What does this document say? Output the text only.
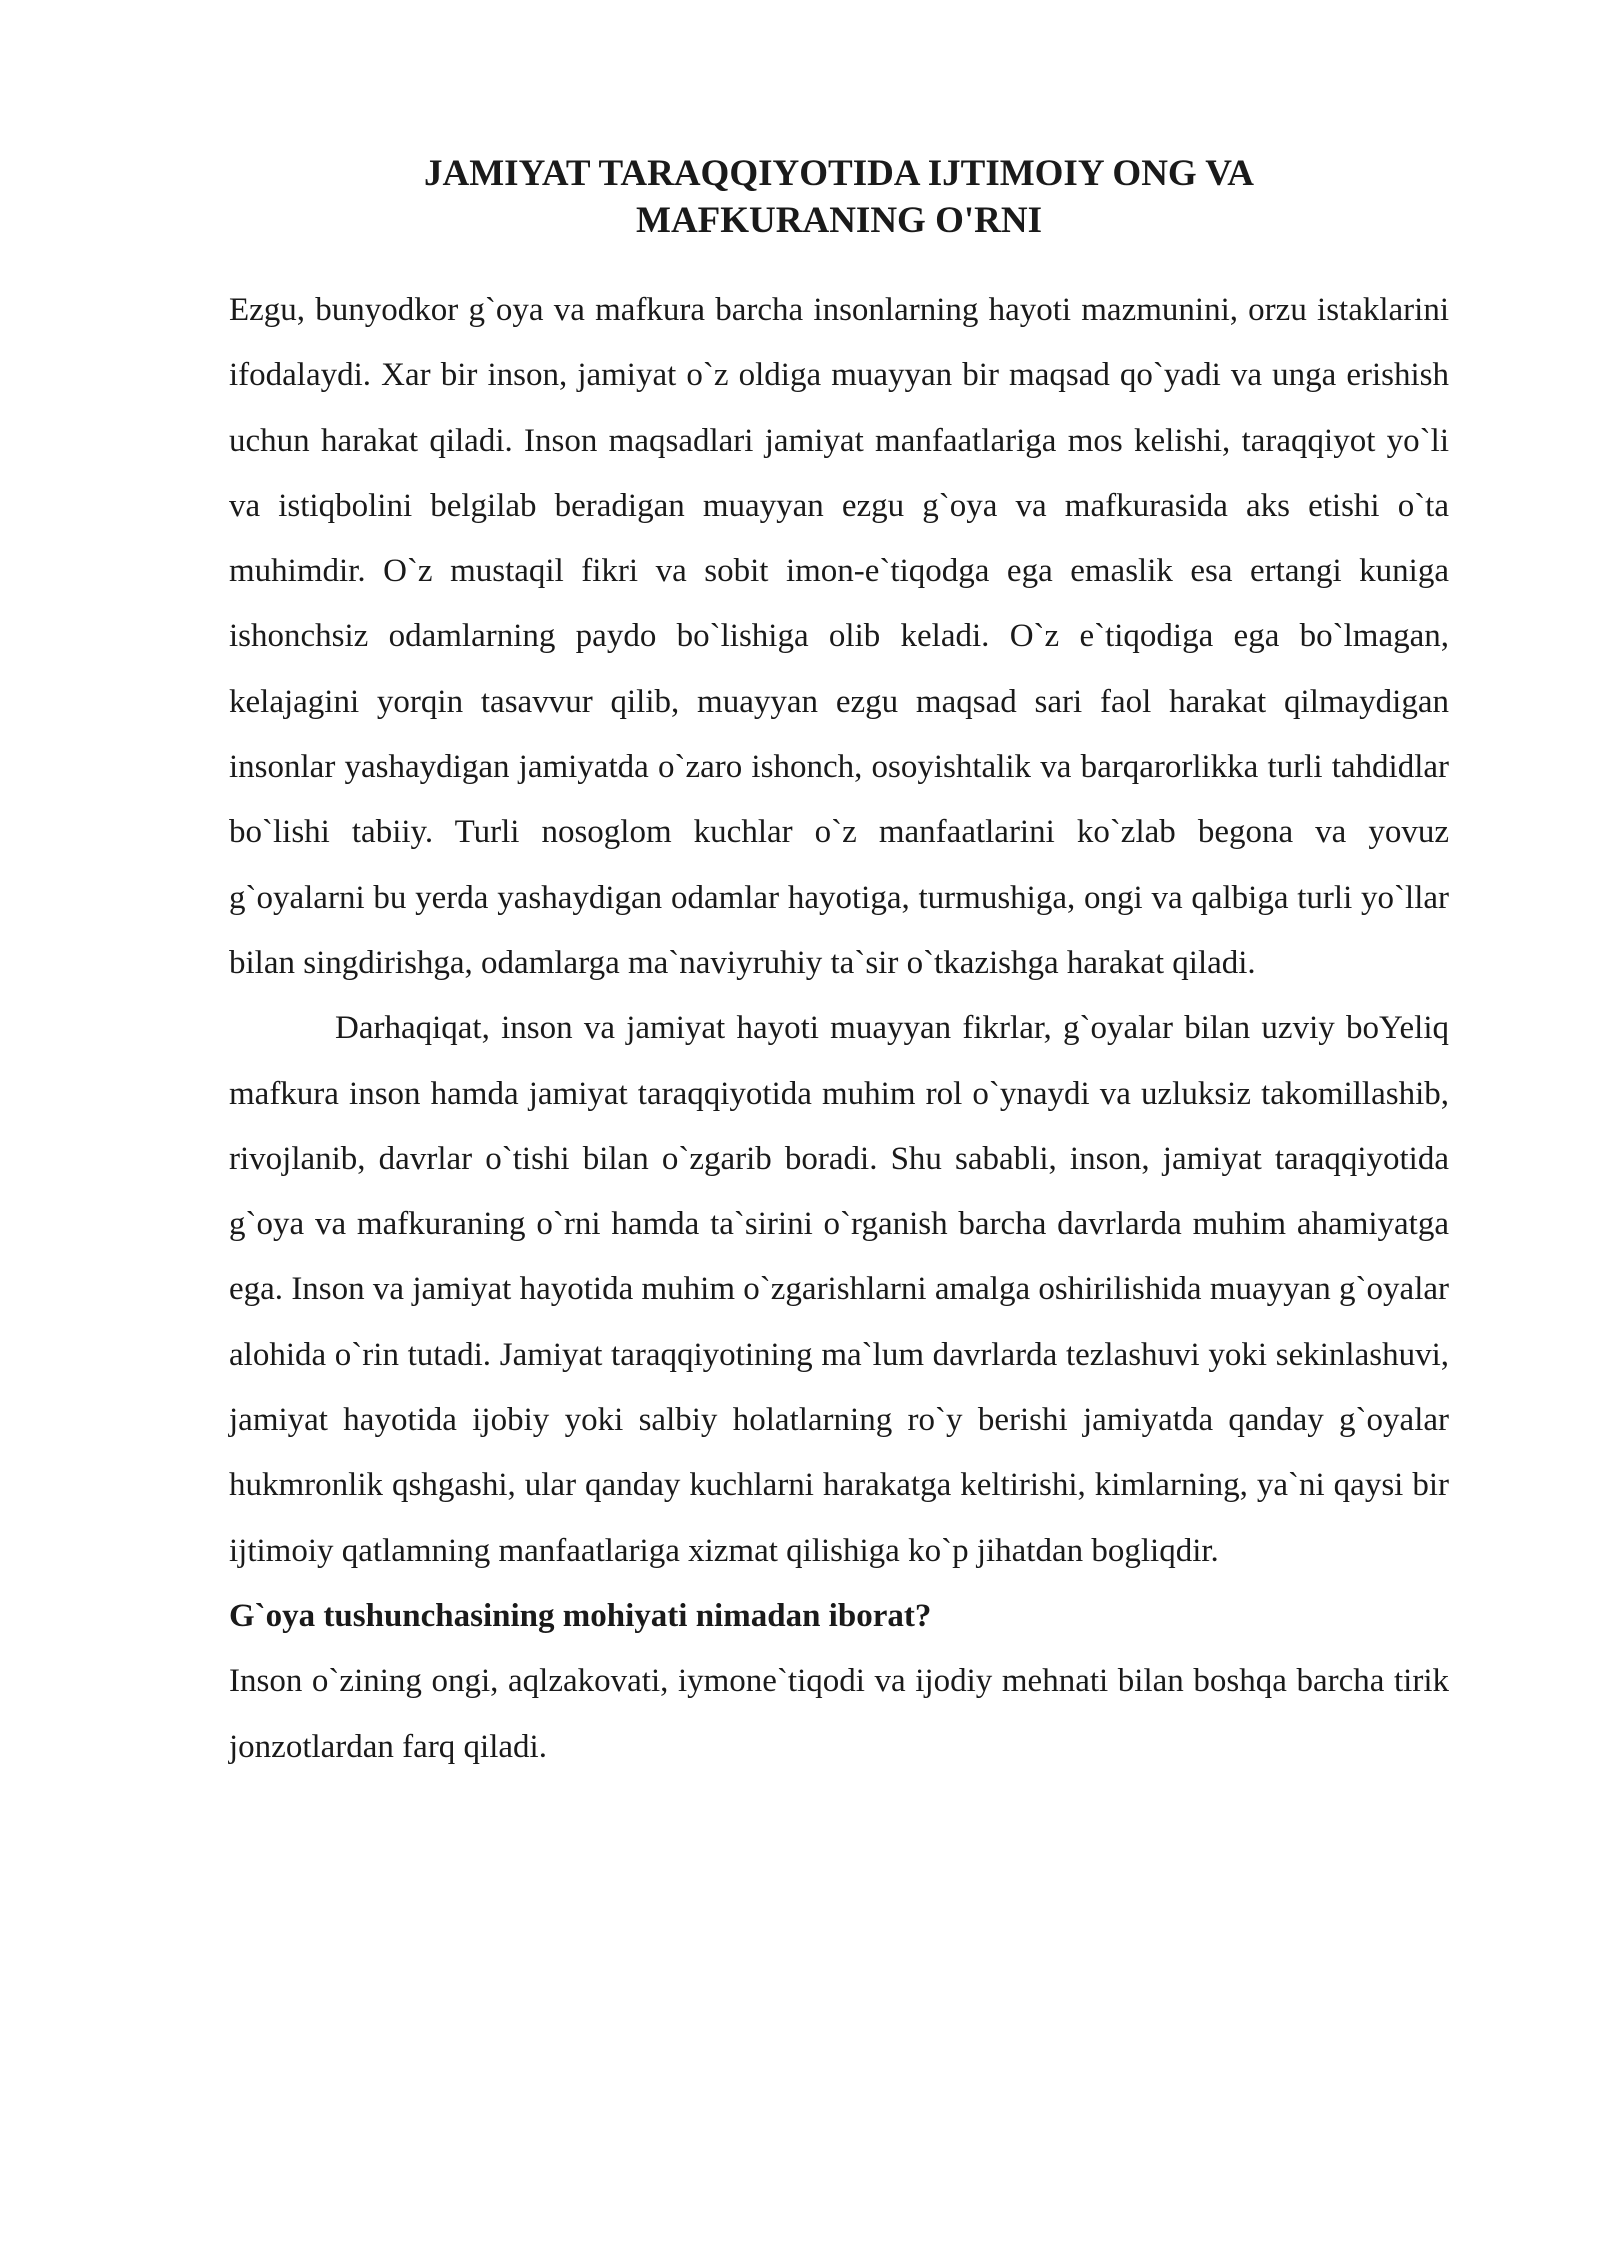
JAMIYAT TARAQQIYOTIDA IJTIMOIY ONG VA MAFKURANING O'RNI

Ezgu, bunyodkor g`oya va mafkura barcha insonlarning hayoti mazmunini, orzu istaklarini ifodalaydi. Xar bir inson, jamiyat o`z oldiga muayyan bir maqsad qo`yadi va unga erishish uchun harakat qiladi. Inson maqsadlari jamiyat manfaatlariga mos kelishi, taraqqiyot yo`li va istiqbolini belgilab beradigan muayyan ezgu g`oya va mafkurasida aks etishi o`ta muhimdir. O`z mustaqil fikri va sobit imon-e`tiqodga ega emaslik esa ertangi kuniga ishonchsiz odamlarning paydo bo`lishiga olib keladi. O`z e`tiqodiga ega bo`lmagan, kelajagini yorqin tasavvur qilib, muayyan ezgu maqsad sari faol harakat qilmaydigan insonlar yashaydigan jamiyatda o`zaro ishonch, osoyishtalik va barqarorlikka turli tahdidlar bo`lishi tabiiy. Turli nosoglom kuchlar o`z manfaatlarini ko`zlab begona va yovuz g`oyalarni bu yerda yashaydigan odamlar hayotiga, turmushiga, ongi va qalbiga turli yo`llar bilan singdirishga, odamlarga ma`naviyruhiy ta`sir o`tkazishga harakat qiladi.

Darhaqiqat, inson va jamiyat hayoti muayyan fikrlar, g`oyalar bilan uzviy boYeliq mafkura inson hamda jamiyat taraqqiyotida muhim rol o`ynaydi va uzluksiz takomillashib, rivojlanib, davrlar o`tishi bilan o`zgarib boradi. Shu sababli, inson, jamiyat taraqqiyotida g`oya va mafkuraning o`rni hamda ta`sirini o`rganish barcha davrlarda muhim ahamiyatga ega. Inson va jamiyat hayotida muhim o`zgarishlarni amalga oshirilishida muayyan g`oyalar alohida o`rin tutadi. Jamiyat taraqqiyotining ma`lum davrlarda tezlashuvi yoki sekinlashuvi, jamiyat hayotida ijobiy yoki salbiy holatlarning ro`y berishi jamiyatda qanday g`oyalar hukmronlik qshgashi, ular qanday kuchlarni harakatga keltirishi, kimlarning, ya`ni qaysi bir ijtimoiy qatlamning manfaatlariga xizmat qilishiga ko`p jihatdan bogliqdir.

G`oya tushunchasining mohiyati nimadan iborat?

Inson o`zining ongi, aqlzakovati, iymone`tiqodi va ijodiy mehnati bilan boshqa barcha tirik jonzotlardan farq qiladi.
